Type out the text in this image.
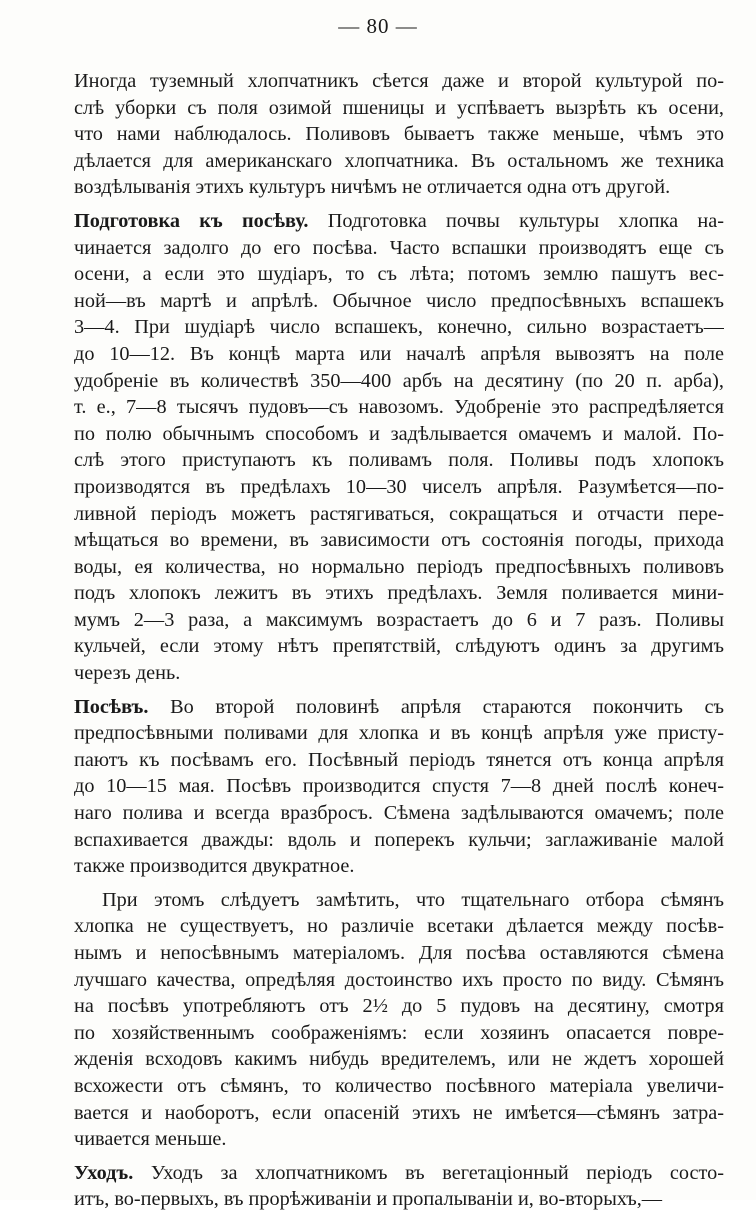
— 80 —
Иногда туземный хлопчатникъ сѣется даже и второй культурой по-
слѣ уборки съ поля озимой пшеницы и успѣваетъ вызрѣть къ осени,
что нами наблюдалось. Поливовъ бываетъ также меньше, чѣмъ это
дѣлается для американскаго хлопчатника. Въ остальномъ же техника
воздѣлыванія этихъ культуръ ничѣмъ не отличается одна отъ другой.
Подготовка къ посѣву. Подготовка почвы культуры хлопка на-
чинается задолго до его посѣва. Часто вспашки производятъ еще съ
осени, а если это шудіаръ, то съ лѣта; потомъ землю пашутъ вес-
ной—въ мартѣ и апрѣлѣ. Обычное число предпосѣвныхъ вспашекъ
3—4. При шудіарѣ число вспашекъ, конечно, сильно возрастаетъ—
до 10—12. Въ концѣ марта или началѣ апрѣля вывозятъ на поле
удобреніе въ количествѣ 350—400 арбъ на десятину (по 20 п. арба),
т. е., 7—8 тысячъ пудовъ—съ навозомъ. Удобреніе это распредѣляется
по полю обычнымъ способомъ и задѣлывается омачемъ и малой. По-
слѣ этого приступаютъ къ поливамъ поля. Поливы подъ хлопокъ
производятся въ предѣлахъ 10—30 чиселъ апрѣля. Разумѣется—по-
ливной періодъ можетъ растягиваться, сокращаться и отчасти пере-
мѣщаться во времени, въ зависимости отъ состоянія погоды, прихода
воды, ея количества, но нормально періодъ предпосѣвныхъ поливовъ
подъ хлопокъ лежитъ въ этихъ предѣлахъ. Земля поливается мини-
мумъ 2—3 раза, а максимумъ возрастаетъ до 6 и 7 разъ. Поливы
кульчей, если этому нѣтъ препятствій, слѣдуютъ одинъ за другимъ
черезъ день.
Посѣвъ. Во второй половинѣ апрѣля стараются покончить съ
предпосѣвными поливами для хлопка и въ концѣ апрѣля уже присту-
паютъ къ посѣвамъ его. Посѣвный періодъ тянется отъ конца апрѣля
до 10—15 мая. Посѣвъ производится спустя 7—8 дней послѣ конеч-
наго полива и всегда вразбросъ. Сѣмена задѣлываются омачемъ; поле
вспахивается дважды: вдоль и поперекъ кульчи; заглаживаніе малой
также производится двукратное.
При этомъ слѣдуетъ замѣтить, что тщательнаго отбора сѣмянъ
хлопка не существуетъ, но различіе всетаки дѣлается между посѣв-
нымъ и непосѣвнымъ матеріаломъ. Для посѣва оставляются сѣмена
лучшаго качества, опредѣляя достоинство ихъ просто по виду. Сѣмянъ
на посѣвъ употребляютъ отъ 2½ до 5 пудовъ на десятину, смотря
по хозяйственнымъ соображеніямъ: если хозяинъ опасается повре-
жденія всходовъ какимъ нибудь вредителемъ, или не ждетъ хорошей
всхожести отъ сѣмянъ, то количество посѣвного матеріала увеличи-
вается и наоборотъ, если опасеній этихъ не имѣется—сѣмянъ затра-
чивается меньше.
Уходъ. Уходъ за хлопчатникомъ въ вегетаціонный періодъ состо-
итъ, во-первыхъ, въ прорѣживаніи и пропалываніи и, во-вторыхъ,—
